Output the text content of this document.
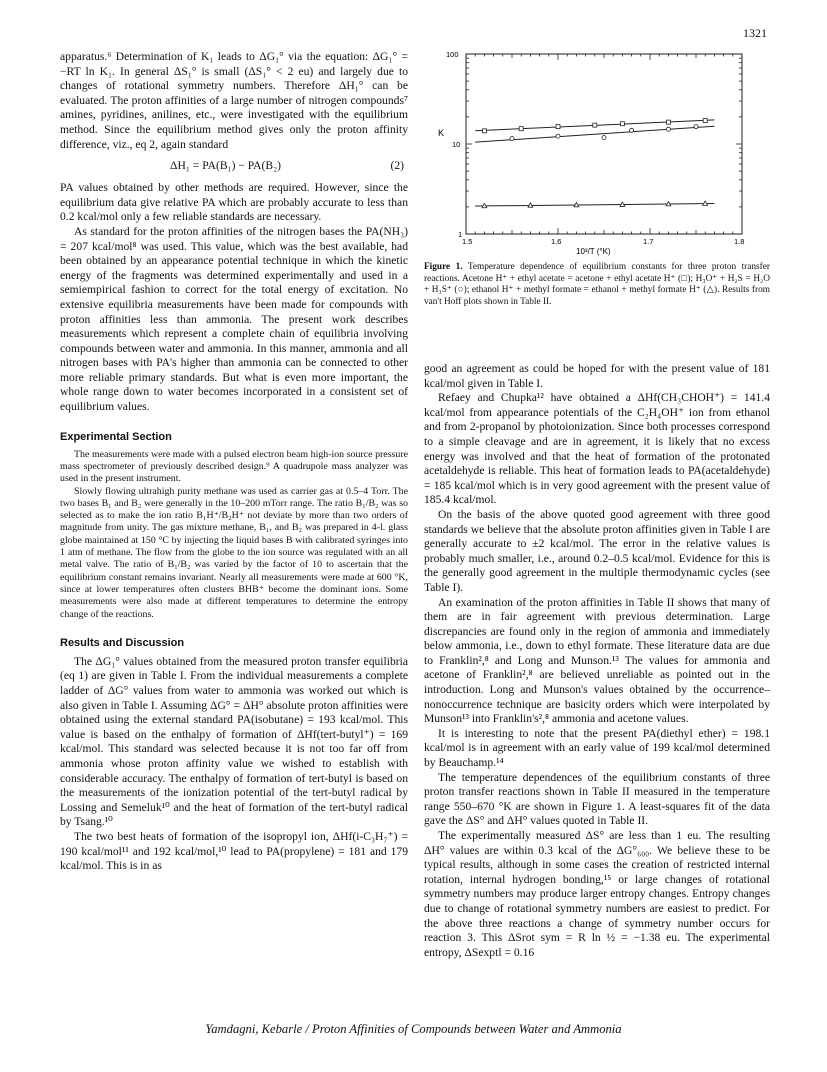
1321

apparatus.⁶ Determination of K₁ leads to ΔG₁° via the equation: ΔG₁° = −RT ln K₁. In general ΔS₁° is small (ΔS₁° < 2 eu) and largely due to changes of rotational symmetry numbers. Therefore ΔH₁° can be evaluated. The proton affinities of a large number of nitrogen compounds⁷ amines, pyridines, anilines, etc., were investigated with the equilibrium method. Since the equilibrium method gives only the proton affinity difference, viz., eq 2, again standard

ΔH₁ = PA(B₁) − PA(B₂)	(2)

PA values obtained by other methods are required. However, since the equilibrium data give relative PA which are probably accurate to less than 0.2 kcal/mol only a few reliable standards are necessary.

As standard for the proton affinities of the nitrogen bases the PA(NH₃) = 207 kcal/mol⁸ was used. This value, which was the best available, had been obtained by an appearance potential technique in which the kinetic energy of the fragments was determined experimentally and used in a semiempirical fashion to correct for the total energy of excitation. No extensive equilibria measurements have been made for compounds with proton affinities less than ammonia. The present work describes measurements which represent a complete chain of equilibria involving compounds between water and ammonia. In this manner, ammonia and all nitrogen bases with PA's higher than ammonia can be connected to other more reliable primary standards. But what is even more important, the whole range down to water becomes incorporated in a consistent set of equilibrium values.

Experimental Section

The measurements were made with a pulsed electron beam high-ion source pressure mass spectrometer of previously described design.⁹ A quadrupole mass analyzer was used in the present instrument.

Slowly flowing ultrahigh purity methane was used as carrier gas at 0.5–4 Torr. The two bases B₁ and B₂ were generally in the 10–200 mTorr range. The ratio B₁/B₂ was so selected as to make the ion ratio B₁H⁺/B₂H⁺ not deviate by more than two orders of magnitude from unity. The gas mixture methane, B₁, and B₂ was prepared in 4-l. glass globe maintained at 150 °C by injecting the liquid bases B with calibrated syringes into 1 atm of methane. The flow from the globe to the ion source was regulated with an all metal valve. The ratio of B₁/B₂ was varied by the factor of 10 to ascertain that the equilibrium constant remains invariant. Nearly all measurements were made at 600 °K, since at lower temperatures often clusters BHB⁺ become the dominant ions. Some measurements were also made at different temperatures to determine the entropy change of the reactions.

Results and Discussion

The ΔG₁° values obtained from the measured proton transfer equilibria (eq 1) are given in Table I. From the individual measurements a complete ladder of ΔG° values from water to ammonia was worked out which is also given in Table I. Assuming ΔG° = ΔH° absolute proton affinities were obtained using the external standard PA(isobutane) = 193 kcal/mol. This value is based on the enthalpy of formation of ΔHf(tert-butyl⁺) = 169 kcal/mol. This standard was selected because it is not too far off from ammonia whose proton affinity value we wished to establish with considerable accuracy. The enthalpy of formation of tert-butyl is based on the measurements of the ionization potential of the tert-butyl radical by Lossing and Semeluk¹⁰ and the heat of formation of the tert-butyl radical by Tsang.¹⁰

The two best heats of formation of the isopropyl ion, ΔHf(i-C₃H₇⁺) = 190 kcal/mol¹¹ and 192 kcal/mol,¹⁰ lead to PA(propylene) = 181 and 179 kcal/mol. This is in as

K
100
10
1
1.5	1.6	1.7	1.8
10³/T (°K)
Figure 1. Temperature dependence of equilibrium constants for three proton transfer reactions. Acetone H⁺ + ethyl acetate = acetone + ethyl acetate H⁺ (□); H₃O⁺ + H₂S = H₂O + H₃S⁺ (○); ethanol H⁺ + methyl formate = ethanol + methyl formate H⁺ (△). Results from van't Hoff plots shown in Table II.

good an agreement as could be hoped for with the present value of 181 kcal/mol given in Table I.

Refaey and Chupka¹² have obtained a ΔHf(CH₃CHOH⁺) = 141.4 kcal/mol from appearance potentials of the C₂H₄OH⁺ ion from ethanol and from 2-propanol by photoionization. Since both processes correspond to a simple cleavage and are in agreement, it is likely that no excess energy was involved and that the heat of formation of the protonated acetaldehyde is reliable. This heat of formation leads to PA(acetaldehyde) = 185 kcal/mol which is in very good agreement with the present value of 185.4 kcal/mol.

On the basis of the above quoted good agreement with three good standards we believe that the absolute proton affinities given in Table I are generally accurate to ±2 kcal/mol. The error in the relative values is probably much smaller, i.e., around 0.2–0.5 kcal/mol. Evidence for this is the generally good agreement in the multiple thermodynamic cycles (see Table I).

An examination of the proton affinities in Table II shows that many of them are in fair agreement with previous determination. Large discrepancies are found only in the region of ammonia and immediately below ammonia, i.e., down to ethyl formate. These literature data are due to Franklin²,⁸ and Long and Munson.¹³ The values for ammonia and acetone of Franklin²,⁸ are believed unreliable as pointed out in the introduction. Long and Munson's values obtained by the occurrence–nonoccurrence technique are basicity orders which were interpolated by Munson¹³ into Franklin's²,⁸ ammonia and acetone values.

It is interesting to note that the present PA(diethyl ether) = 198.1 kcal/mol is in agreement with an early value of 199 kcal/mol determined by Beauchamp.¹⁴

The temperature dependences of the equilibrium constants of three proton transfer reactions shown in Table II measured in the temperature range 550–670 °K are shown in Figure 1. A least-squares fit of the data gave the ΔS° and ΔH° values quoted in Table II.

The experimentally measured ΔS° are less than 1 eu. The resulting ΔH° values are within 0.3 kcal of the ΔG°₆₀₀. We believe these to be typical results, although in some cases the creation of restricted internal rotation, internal hydrogen bonding,¹⁵ or large changes of rotational symmetry numbers may produce larger entropy changes. Entropy changes due to change of rotational symmetry numbers are easiest to predict. For the above three reactions a change of symmetry number occurs for reaction 3. This ΔSrot sym = R ln ½ = −1.38 eu. The experimental entropy, ΔSexptl = 0.16

Yamdagni, Kebarle / Proton Affinities of Compounds between Water and Ammonia
